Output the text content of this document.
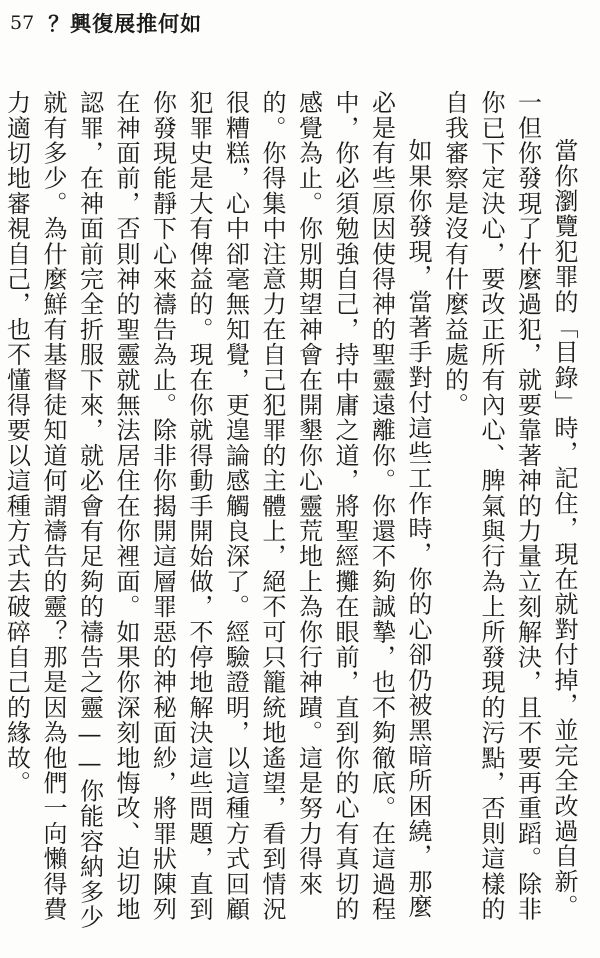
57 ？興復展推何如

當你瀏覽犯罪的「目錄」時，記住，現在就對付掉，並完全改過自新。一但你發現了什麼過犯，就要靠著神的力量立刻解決，且不要再重蹈。除非你已下定決心，要改正所有內心、脾氣與行為上所發現的污點，否則這樣的自我審察是沒有什麼益處的。

如果你發現，當著手對付這些工作時，你的心卻仍被黑暗所困繞，那麼必是有些原因使得神的聖靈遠離你。你還不夠誠摯，也不夠徹底。在這過程中，你必須勉強自己，持中庸之道，將聖經攤在眼前，直到你的心有真切的感覺為止。你別期望神會在開墾你心靈荒地上為你行神蹟。這是努力得來的。你得集中注意力在自己犯罪的主體上，絕不可只籠統地遙望，看到情況很糟糕，心中卻毫無知覺，更遑論感觸良深了。經驗證明，以這種方式回顧犯罪史是大有俾益的。現在你就得動手開始做，不停地解決這些問題，直到你發現能靜下心來禱告為止。除非你揭開這層罪惡的神秘面紗，將罪狀陳列在神面前，否則神的聖靈就無法居住在你裡面。如果你深刻地悔改、迫切地認罪，在神面前完全折服下來，就必會有足夠的禱告之靈——你能容納多少就有多少。為什麼鮮有基督徒知道何謂禱告的靈？那是因為他們一向懶得費力適切地審視自己，也不懂得要以這種方式去破碎自己的緣故。
